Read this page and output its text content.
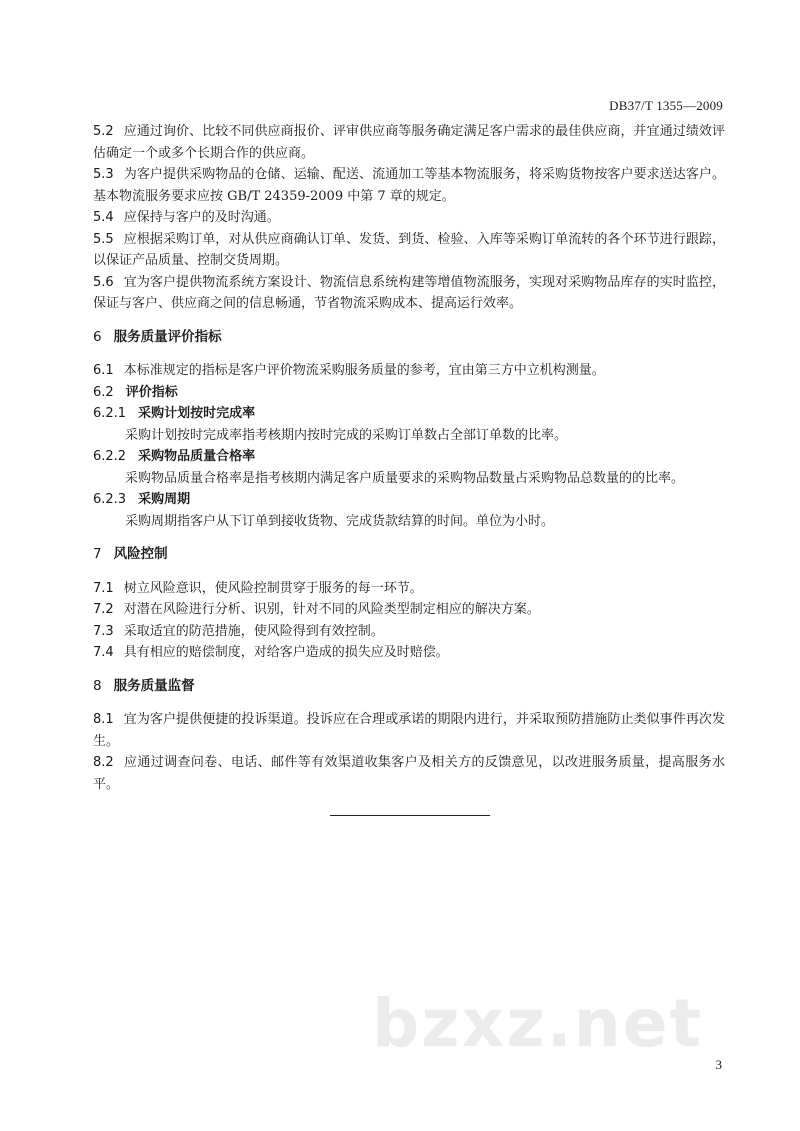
DB37/T 1355—2009

5.2 应通过询价、比较不同供应商报价、评审供应商等服务确定满足客户需求的最佳供应商，并宜通过绩效评估确定一个或多个长期合作的供应商。

5.3 为客户提供采购物品的仓储、运输、配送、流通加工等基本物流服务，将采购货物按客户要求送达客户。基本物流服务要求应按 GB/T 24359-2009 中第 7 章的规定。

5.4 应保持与客户的及时沟通。

5.5 应根据采购订单，对从供应商确认订单、发货、到货、检验、入库等采购订单流转的各个环节进行跟踪，以保证产品质量、控制交货周期。

5.6 宜为客户提供物流系统方案设计、物流信息系统构建等增值物流服务，实现对采购物品库存的实时监控，保证与客户、供应商之间的信息畅通，节省物流采购成本、提高运行效率。

6 服务质量评价指标

6.1 本标准规定的指标是客户评价物流采购服务质量的参考，宜由第三方中立机构测量。

6.2 评价指标

6.2.1 采购计划按时完成率

采购计划按时完成率指考核期内按时完成的采购订单数占全部订单数的比率。

6.2.2 采购物品质量合格率

采购物品质量合格率是指考核期内满足客户质量要求的采购物品数量占采购物品总数量的的比率。

6.2.3 采购周期

采购周期指客户从下订单到接收货物、完成货款结算的时间。单位为小时。

7 风险控制

7.1 树立风险意识，使风险控制贯穿于服务的每一环节。

7.2 对潜在风险进行分析、识别，针对不同的风险类型制定相应的解决方案。

7.3 采取适宜的防范措施，使风险得到有效控制。

7.4 具有相应的赔偿制度，对给客户造成的损失应及时赔偿。

8 服务质量监督

8.1 宜为客户提供便捷的投诉渠道。投诉应在合理或承诺的期限内进行，并采取预防措施防止类似事件再次发生。

8.2 应通过调查问卷、电话、邮件等有效渠道收集客户及相关方的反馈意见，以改进服务质量，提高服务水平。

bzxz.net
3
